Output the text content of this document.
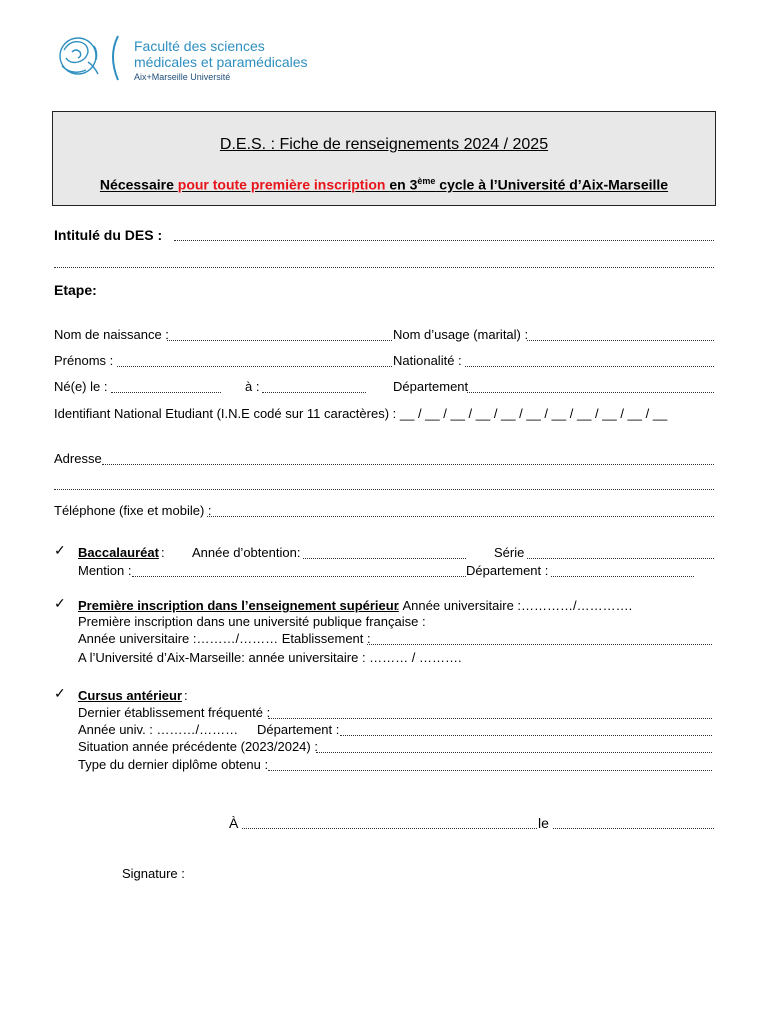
Faculté des sciences
médicales et paramédicales
Aix+Marseille Université
D.E.S. : Fiche de renseignements 2024 / 2025
Nécessaire pour toute première inscription en 3ème cycle à l’Université d’Aix-Marseille
Intitulé du DES :
Etape:
Nom de naissance :	Nom d’usage (marital) :
Prénoms :	Nationalité :
Né(e) le :	à :	Département
Identifiant National Etudiant (I.N.E codé sur 11 caractères) : __ / __ / __ / __ / __ / __ / __ / __ / __ / __ / __
Adresse
Téléphone (fixe et mobile) :
✓ Baccalauréat : Année d’obtention:	Série
Mention :	Département :
✓ Première inscription dans l’enseignement supérieur
: Année universitaire :…………/………….
Première inscription dans une université publique française :
Année universitaire :………/……… Etablissement :
A l’Université d’Aix-Marseille: année universitaire : ……… / ……….
✓ Cursus antérieur :
Dernier établissement fréquenté :
Année univ. : ………/……… Département :
Situation année précédente (2023/2024) :
Type du dernier diplôme obtenu :
À	le
Signature :
